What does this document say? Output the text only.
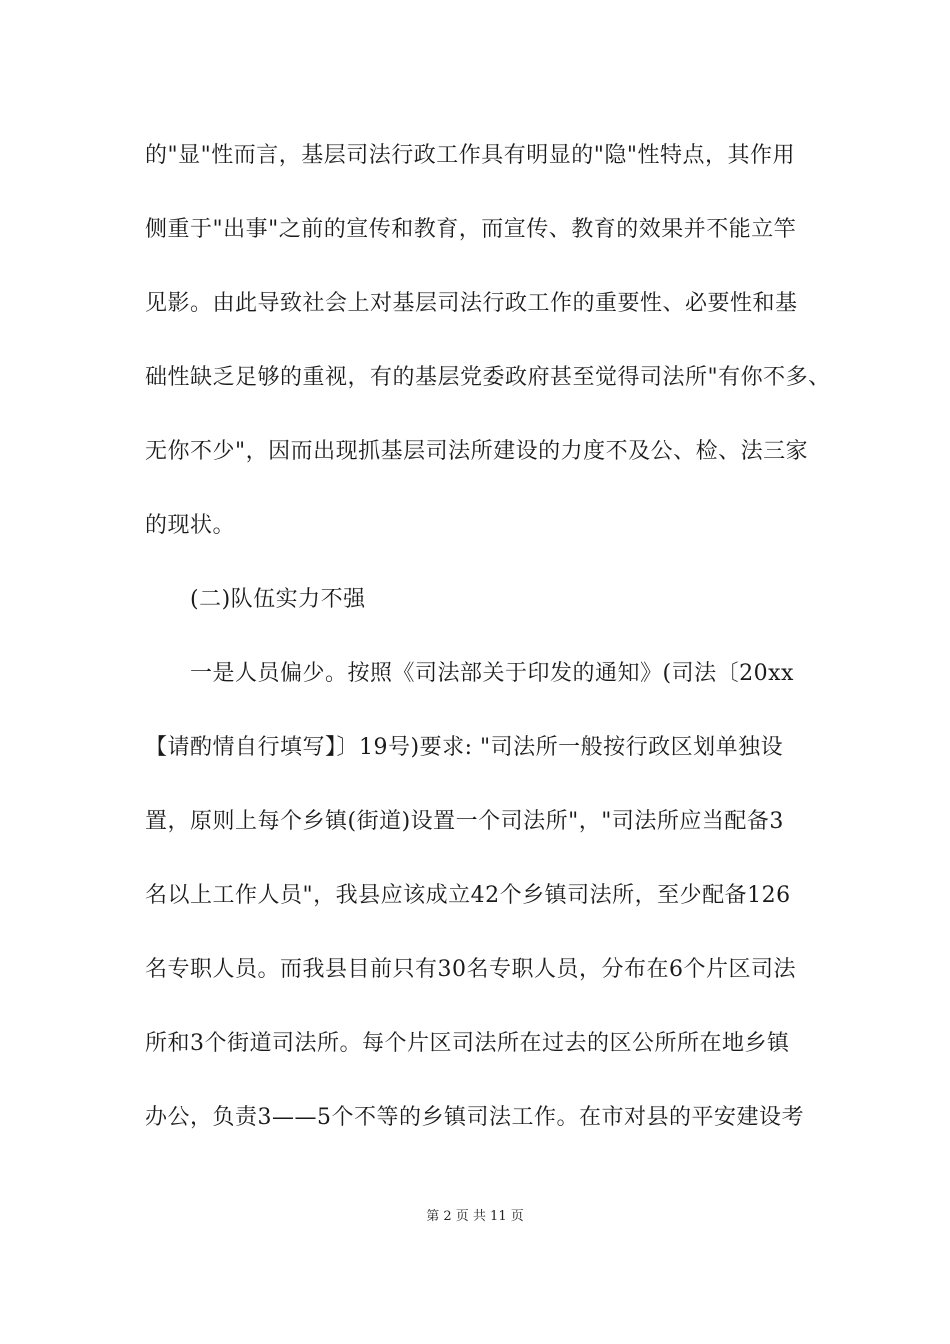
的"显"性而言，基层司法行政工作具有明显的"隐"性特点，其作用
侧重于"出事"之前的宣传和教育，而宣传、教育的效果并不能立竿
见影。由此导致社会上对基层司法行政工作的重要性、必要性和基
础性缺乏足够的重视，有的基层党委政府甚至觉得司法所"有你不多、
无你不少"，因而出现抓基层司法所建设的力度不及公、检、法三家
的现状。
(二)队伍实力不强
一是人员偏少。按照《司法部关于印发的通知》(司法〔20xx
【请酌情自行填写】〕19号)要求: "司法所一般按行政区划单独设
置，原则上每个乡镇(街道)设置一个司法所"，"司法所应当配备3
名以上工作人员"，我县应该成立42个乡镇司法所，至少配备126
名专职人员。而我县目前只有30名专职人员，分布在6个片区司法
所和3个街道司法所。每个片区司法所在过去的区公所所在地乡镇
办公，负责3——5个不等的乡镇司法工作。在市对县的平安建设考
第 2 页 共 11 页
